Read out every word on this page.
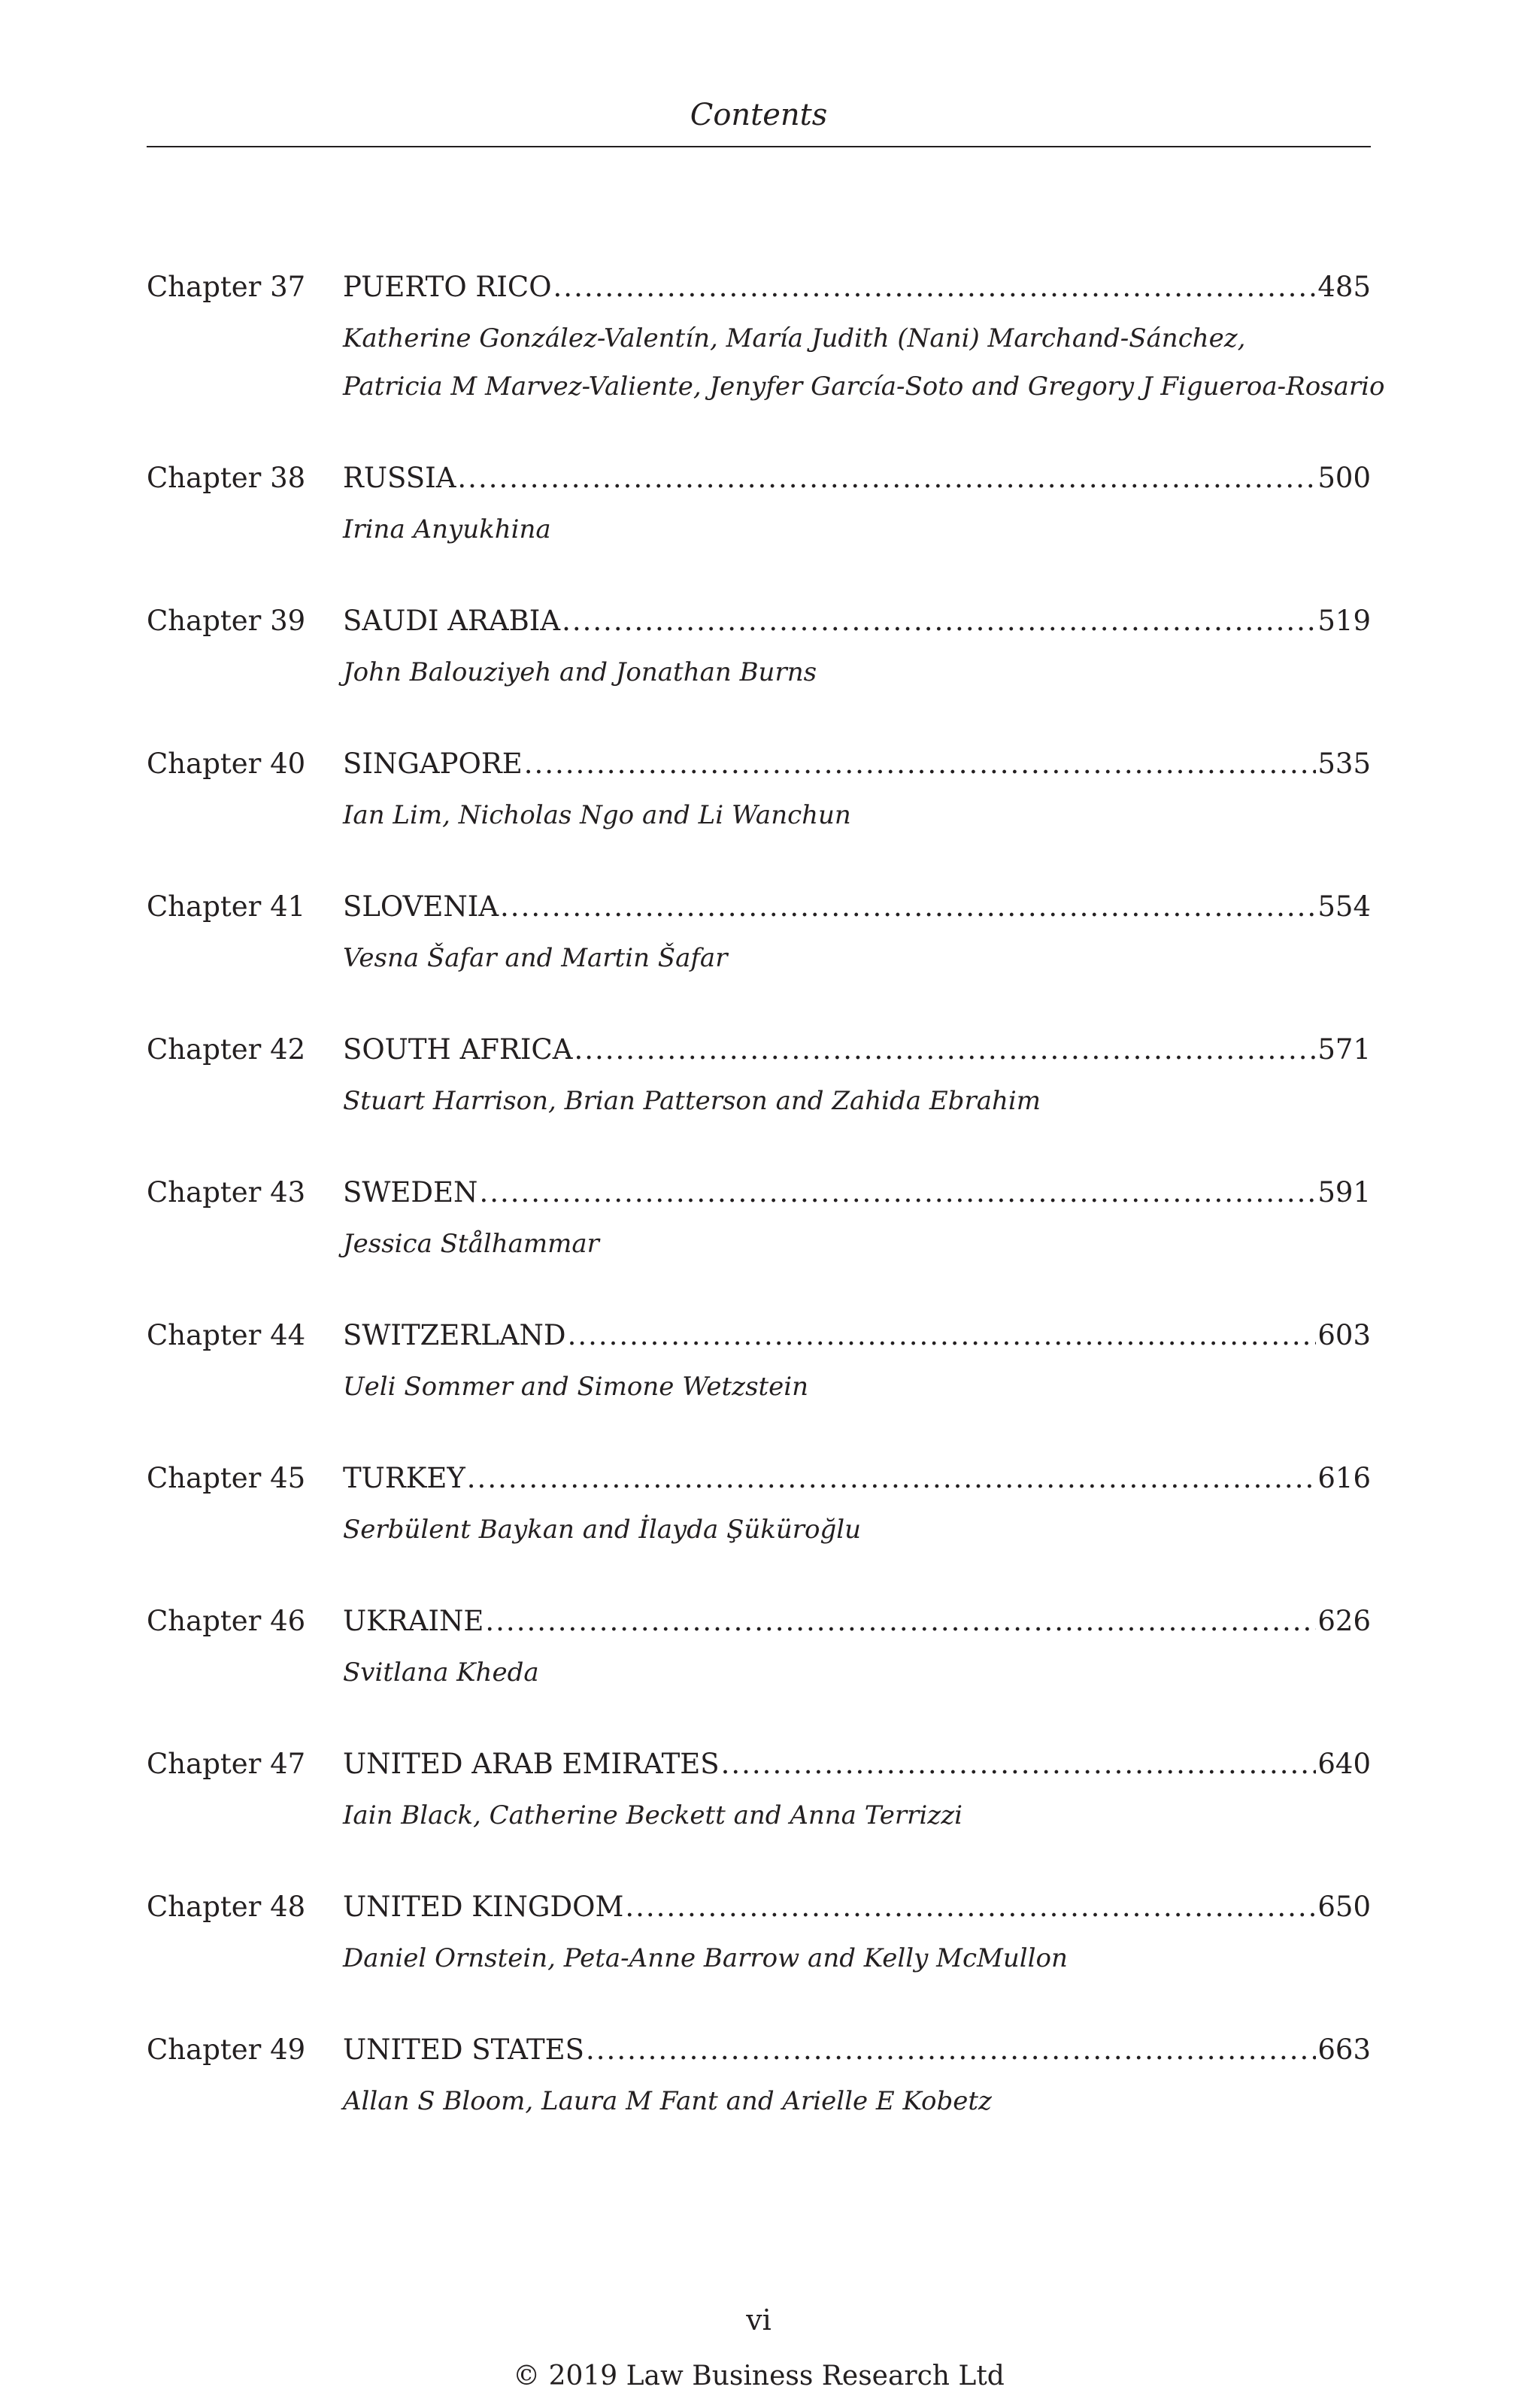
Contents
Chapter 37	PUERTO RICO .....	485
Katherine González-Valentín, María Judith (Nani) Marchand-Sánchez,
Patricia M Marvez-Valiente, Jenyfer García-Soto and Gregory J Figueroa-Rosario
Chapter 38	RUSSIA .....	500
Irina Anyukhina
Chapter 39	SAUDI ARABIA .....	519
John Balouziyeh and Jonathan Burns
Chapter 40	SINGAPORE .....	535
Ian Lim, Nicholas Ngo and Li Wanchun
Chapter 41	SLOVENIA .....	554
Vesna Šafar and Martin Šafar
Chapter 42	SOUTH AFRICA .....	571
Stuart Harrison, Brian Patterson and Zahida Ebrahim
Chapter 43	SWEDEN .....	591
Jessica Stålhammar
Chapter 44	SWITZERLAND .....	603
Ueli Sommer and Simone Wetzstein
Chapter 45	TURKEY .....	616
Serbülent Baykan and İlayda Şüküroğlu
Chapter 46	UKRAINE .....	626
Svitlana Kheda
Chapter 47	UNITED ARAB EMIRATES .....	640
Iain Black, Catherine Beckett and Anna Terrizzi
Chapter 48	UNITED KINGDOM .....	650
Daniel Ornstein, Peta-Anne Barrow and Kelly McMullon
Chapter 49	UNITED STATES .....	663
Allan S Bloom, Laura M Fant and Arielle E Kobetz
vi
© 2019 Law Business Research Ltd
